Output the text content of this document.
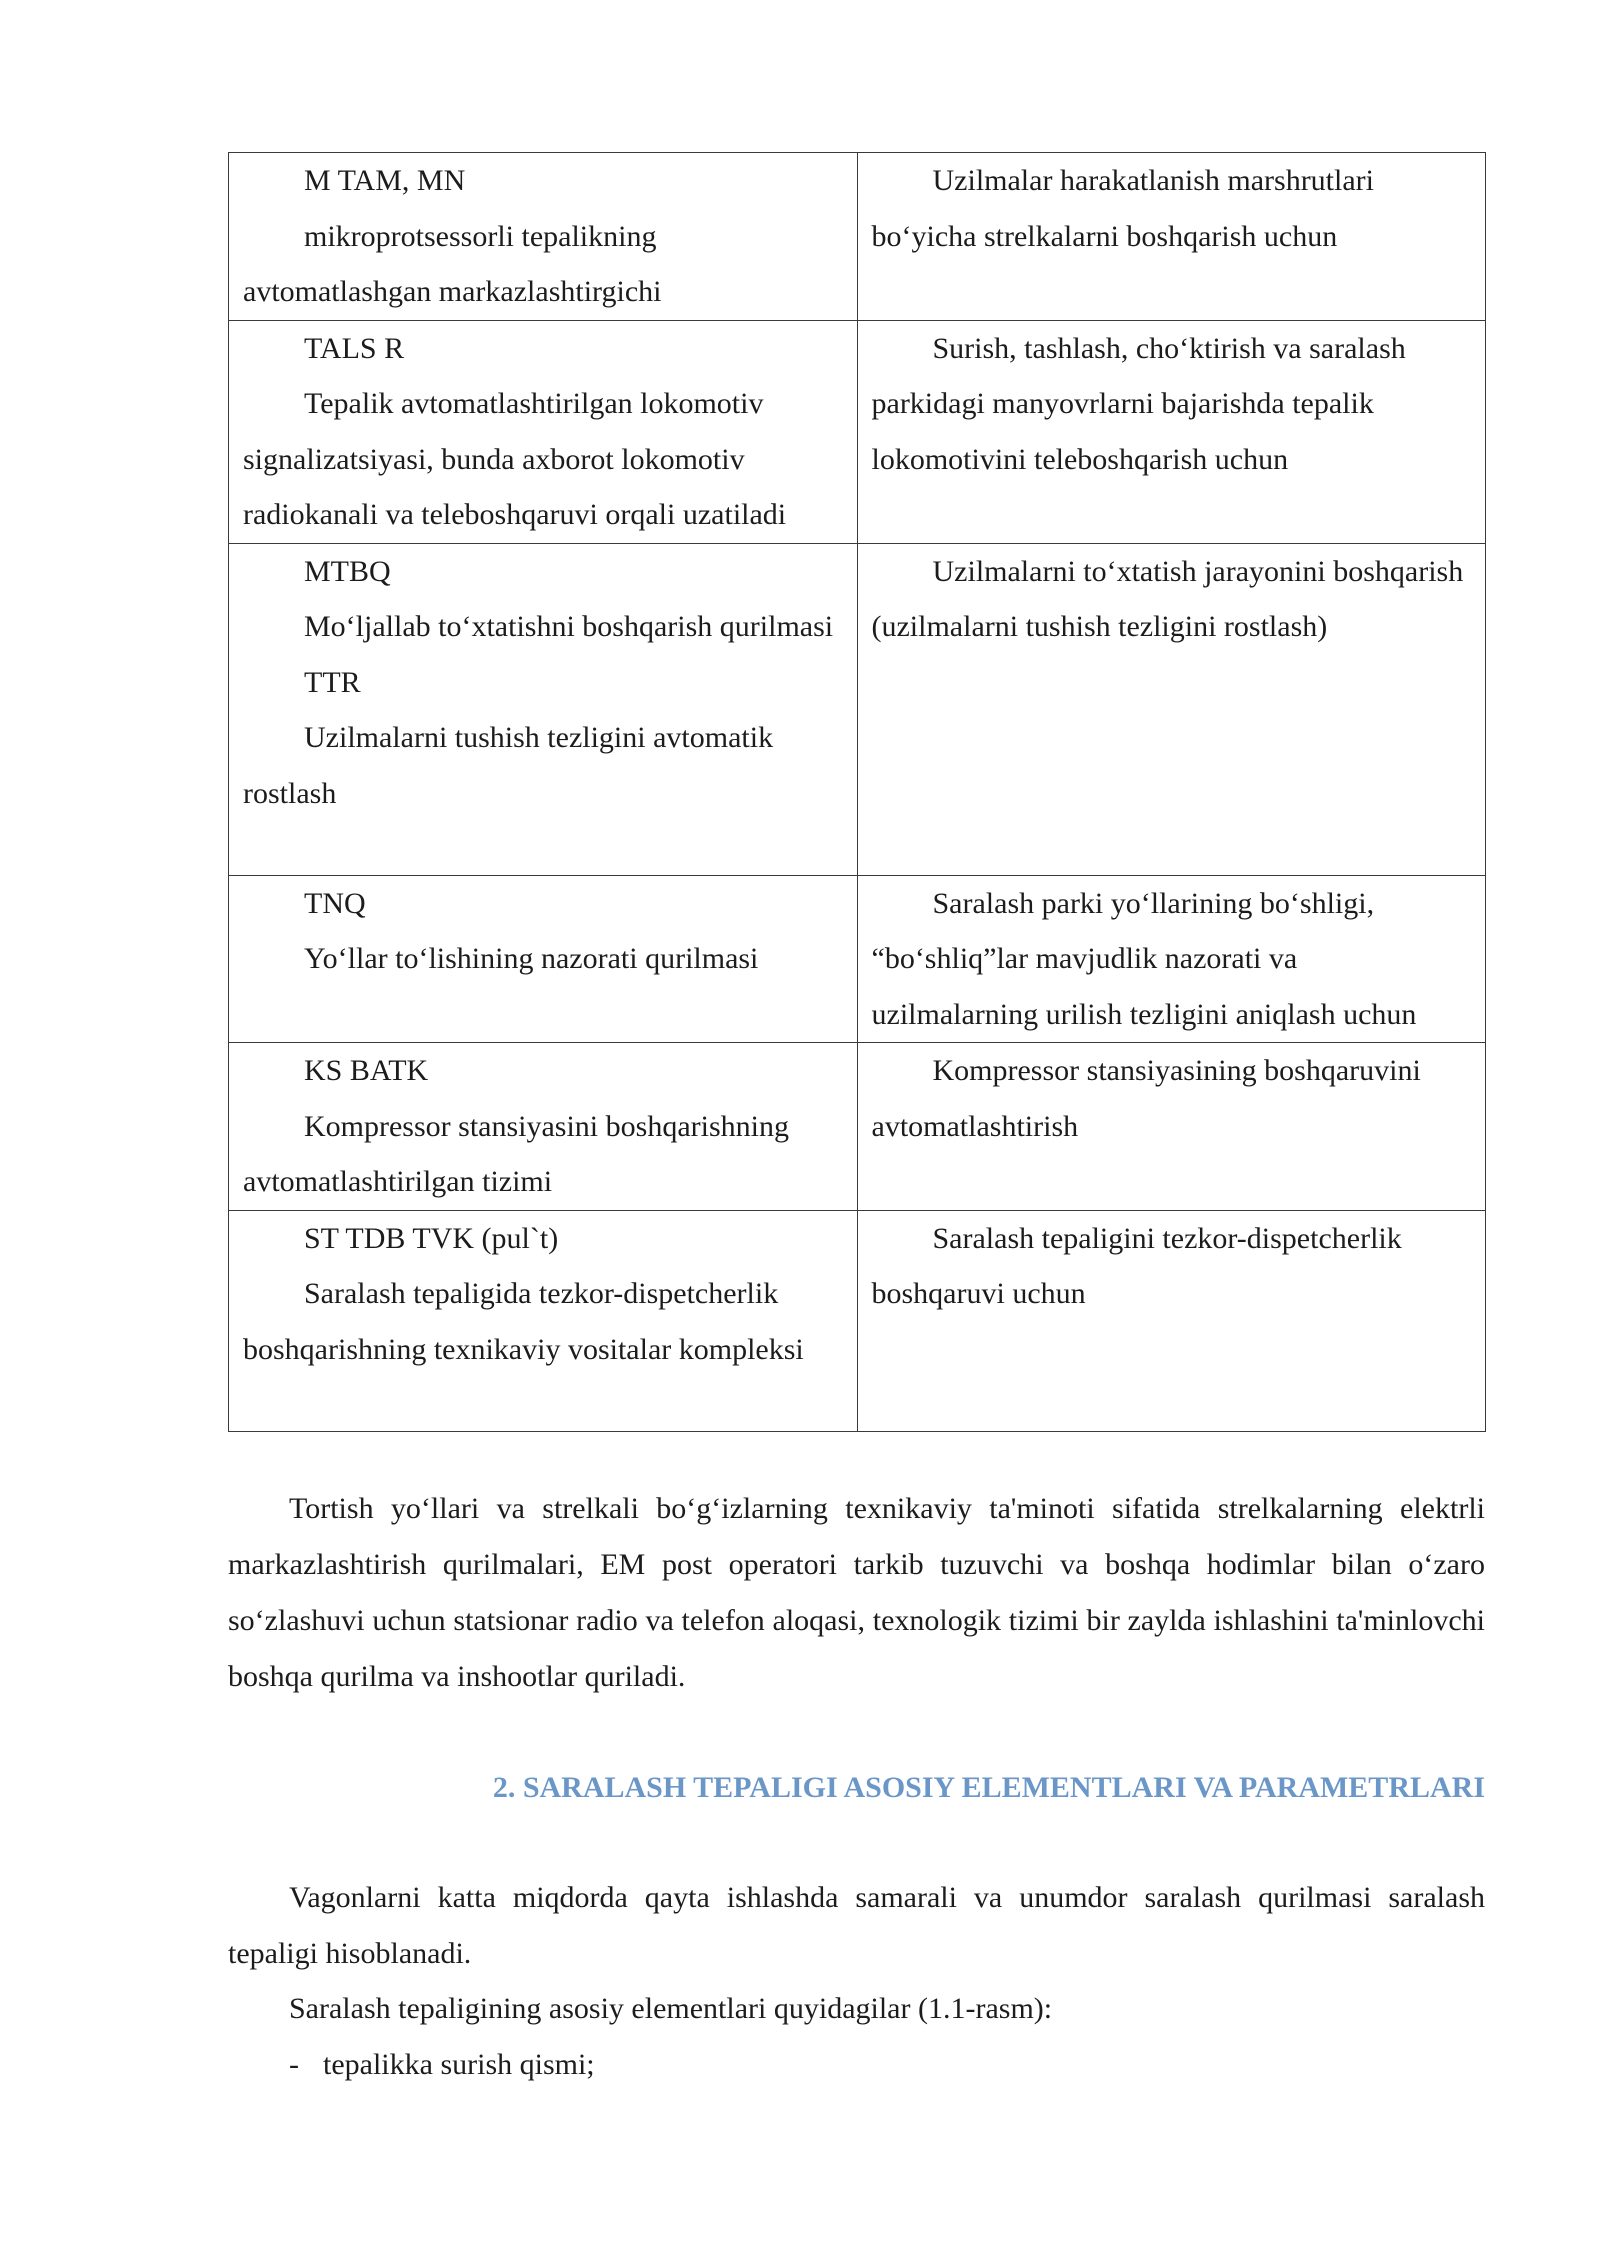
M TAM, MN
mikroprotsessorli tepalikning avtomatlashgan markazlashtirgichi	Uzilmalar harakatlanish marshrutlari bo‘yicha strelkalarni boshqarish uchun

TALS R
Tepalik avtomatlashtirilgan lokomotiv signalizatsiyasi, bunda axborot lokomotiv radiokanali va teleboshqaruvi orqali uzatiladi	Surish, tashlash, cho‘ktirish va saralash parkidagi manyovrlarni bajarishda tepalik lokomotivini teleboshqarish uchun

MTBQ
Mo‘ljallab to‘xtatishni boshqarish qurilmasi
TTR
Uzilmalarni tushish tezligini avtomatik rostlash	Uzilmalarni to‘xtatish jarayonini boshqarish (uzilmalarni tushish tezligini rostlash)

TNQ
Yo‘llar to‘lishining nazorati qurilmasi	Saralash parki yo‘llarining bo‘shligi, “bo‘shliq”lar mavjudlik nazorati va uzilmalarning urilish tezligini aniqlash uchun

KS BATK
Kompressor stansiyasini boshqarishning avtomatlashtirilgan tizimi	Kompressor stansiyasining boshqaruvini avtomatlashtirish

ST TDB TVK (pul`t)
Saralash tepaligida tezkor-dispetcherlik boshqarishning texnikaviy vositalar kompleksi	Saralash tepaligini tezkor-dispetcherlik boshqaruvi uchun

Tortish yo‘llari va strelkali bo‘g‘izlarning texnikaviy ta'minoti sifatida strelkalarning elektrli markazlashtirish qurilmalari, EM post operatori tarkib tuzuvchi va boshqa hodimlar bilan o‘zaro so‘zlashuvi uchun statsionar radio va telefon aloqasi, texnologik tizimi bir zaylda ishlashini ta'minlovchi boshqa qurilma va inshootlar quriladi.

2. SARALASH TEPALIGI ASOSIY ELEMENTLARI VA PARAMETRLARI

Vagonlarni katta miqdorda qayta ishlashda samarali va unumdor saralash qurilmasi saralash tepaligi hisoblanadi.

Saralash tepaligining asosiy elementlari quyidagilar (1.1-rasm):

- tepalikka surish qismi;
